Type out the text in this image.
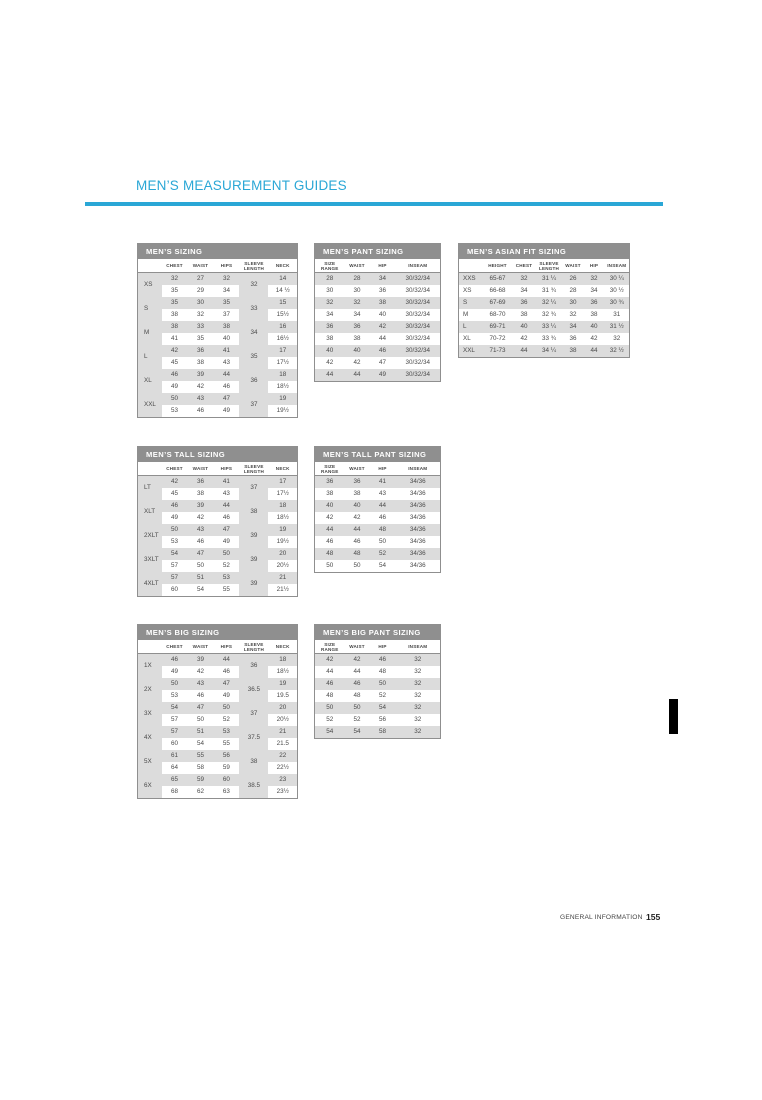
MEN’S MEASUREMENT GUIDES
MEN’S SIZING					
	CHEST	WAIST	HIPS	SLEEVE LENGTH	NECK
XS	32	27	32	32	14
	35	29	34		14 ½
S	35	30	35	33	15
	38	32	37		15½
M	38	33	38	34	16
	41	35	40		16½
L	42	36	41	35	17
	45	38	43		17½
XL	46	39	44	36	18
	49	42	46		18½
XXL	50	43	47	37	19
	53	46	49		19½
MEN’S PANT SIZING			
SIZE RANGE	WAIST	HIP	INSEAM
28	28	34	30/32/34
30	30	36	30/32/34
32	32	38	30/32/34
34	34	40	30/32/34
36	36	42	30/32/34
38	38	44	30/32/34
40	40	46	30/32/34
42	42	47	30/32/34
44	44	49	30/32/34
MEN’S ASIAN FIT SIZING						
	HEIGHT	CHEST	SLEEVE LENGTH	WAIST	HIP	INSEAM
XXS	65-67	32	31 ¼	26	32	30 ¼
XS	66-68	34	31 ¾	28	34	30 ½
S	67-69	36	32 ¼	30	36	30 ¾
M	68-70	38	32 ¾	32	38	31
L	69-71	40	33 ¼	34	40	31 ½
XL	70-72	42	33 ¾	36	42	32
XXL	71-73	44	34 ¼	38	44	32 ½
MEN’S TALL SIZING					
	CHEST	WAIST	HIPS	SLEEVE LENGTH	NECK
LT	42	36	41	37	17
	45	38	43		17½
XLT	46	39	44	38	18
	49	42	46		18½
2XLT	50	43	47	39	19
	53	46	49		19½
3XLT	54	47	50	39	20
	57	50	52		20½
4XLT	57	51	53	39	21
	60	54	55		21½
MEN’S TALL PANT SIZING			
SIZE RANGE	WAIST	HIP	INSEAM
36	36	41	34/36
38	38	43	34/36
40	40	44	34/36
42	42	46	34/36
44	44	48	34/36
46	46	50	34/36
48	48	52	34/36
50	50	54	34/36
MEN’S BIG SIZING					
	CHEST	WAIST	HIPS	SLEEVE LENGTH	NECK
1X	46	39	44	36	18
	49	42	46		18½
2X	50	43	47	36.5	19
	53	46	49		19.5
3X	54	47	50	37	20
	57	50	52		20½
4X	57	51	53	37.5	21
	60	54	55		21.5
5X	61	55	56	38	22
	64	58	59		22½
6X	65	59	60	38.5	23
	68	62	63		23½
MEN’S BIG PANT SIZING			
SIZE RANGE	WAIST	HIP	INSEAM
42	42	46	32
44	44	48	32
46	46	50	32
48	48	52	32
50	50	54	32
52	52	56	32
54	54	58	32
GENERAL INFORMATION 155
